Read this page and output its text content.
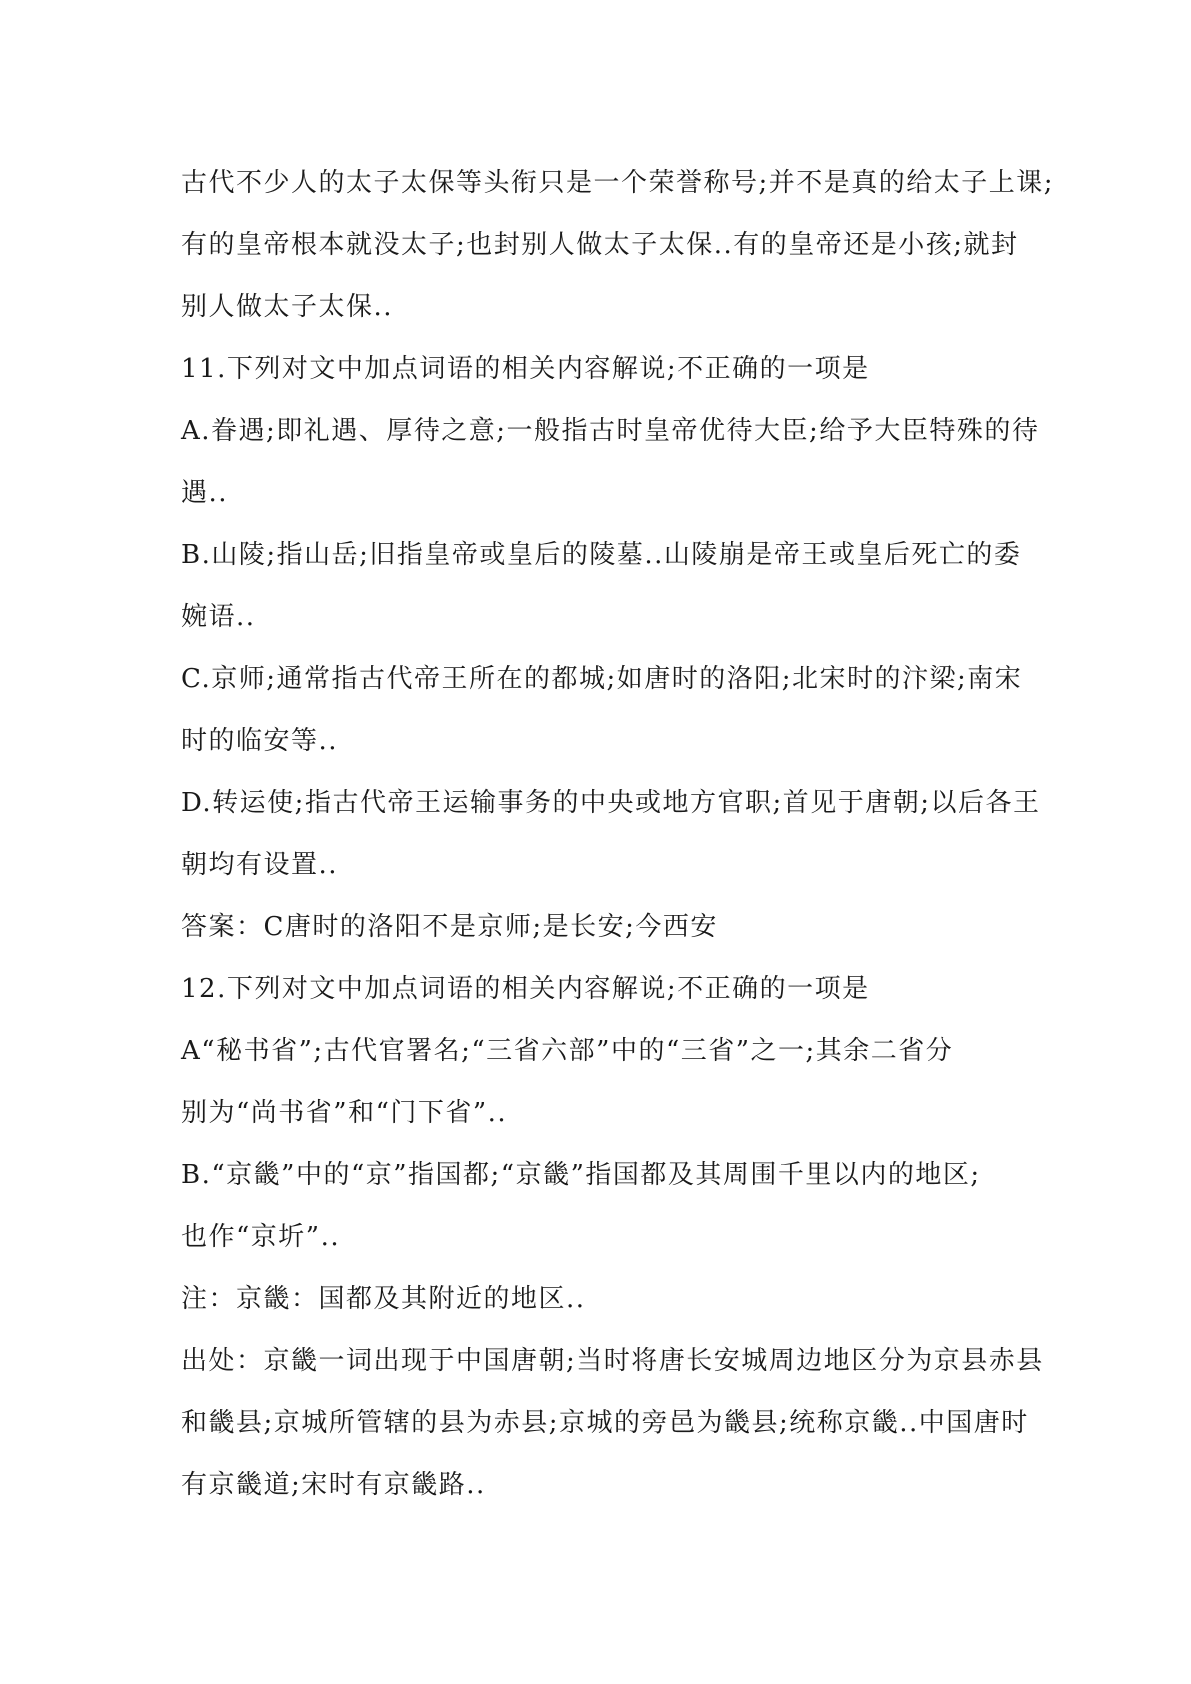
古代不少人的太子太保等头衔只是一个荣誉称号;并不是真的给太子上课;
有的皇帝根本就没太子;也封别人做太子太保..有的皇帝还是小孩;就封
别人做太子太保..
11.下列对文中加点词语的相关内容解说;不正确的一项是
A.眷遇;即礼遇、厚待之意;一般指古时皇帝优待大臣;给予大臣特殊的待
遇..
B.山陵;指山岳;旧指皇帝或皇后的陵墓..山陵崩是帝王或皇后死亡的委
婉语..
C.京师;通常指古代帝王所在的都城;如唐时的洛阳;北宋时的汴梁;南宋
时的临安等..
D.转运使;指古代帝王运输事务的中央或地方官职;首见于唐朝;以后各王
朝均有设置..
答案：C唐时的洛阳不是京师;是长安;今西安
12.下列对文中加点词语的相关内容解说;不正确的一项是
A“秘书省”;古代官署名;“三省六部”中的“三省”之一;其余二省分
别为“尚书省”和“门下省”..
B.“京畿”中的“京”指国都;“京畿”指国都及其周围千里以内的地区;
也作“京圻”..
注：京畿：国都及其附近的地区..
出处：京畿一词出现于中国唐朝;当时将唐长安城周边地区分为京县赤县
和畿县;京城所管辖的县为赤县;京城的旁邑为畿县;统称京畿..中国唐时
有京畿道;宋时有京畿路..
